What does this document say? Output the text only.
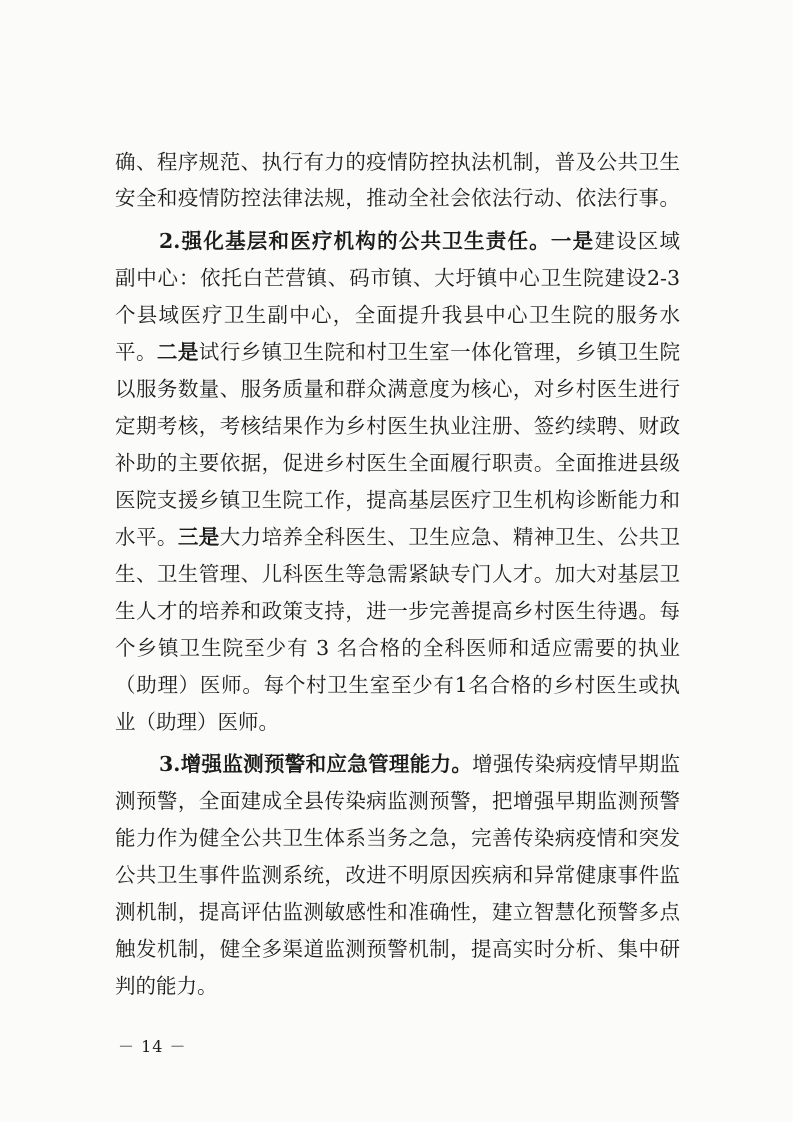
确、程序规范、执行有力的疫情防控执法机制，普及公共卫生
安全和疫情防控法律法规，推动全社会依法行动、依法行事。
2.强化基层和医疗机构的公共卫生责任。一是建设区域
副中心：依托白芒营镇、码市镇、大圩镇中心卫生院建设2-3
个县域医疗卫生副中心，全面提升我县中心卫生院的服务水
平。二是试行乡镇卫生院和村卫生室一体化管理，乡镇卫生院
以服务数量、服务质量和群众满意度为核心，对乡村医生进行
定期考核，考核结果作为乡村医生执业注册、签约续聘、财政
补助的主要依据，促进乡村医生全面履行职责。全面推进县级
医院支援乡镇卫生院工作，提高基层医疗卫生机构诊断能力和
水平。三是大力培养全科医生、卫生应急、精神卫生、公共卫
生、卫生管理、儿科医生等急需紧缺专门人才。加大对基层卫
生人才的培养和政策支持，进一步完善提高乡村医生待遇。每
个乡镇卫生院至少有 3 名合格的全科医师和适应需要的执业
（助理）医师。每个村卫生室至少有1名合格的乡村医生或执
业（助理）医师。
3.增强监测预警和应急管理能力。增强传染病疫情早期监
测预警，全面建成全县传染病监测预警，把增强早期监测预警
能力作为健全公共卫生体系当务之急，完善传染病疫情和突发
公共卫生事件监测系统，改进不明原因疾病和异常健康事件监
测机制，提高评估监测敏感性和准确性，建立智慧化预警多点
触发机制，健全多渠道监测预警机制，提高实时分析、集中研
判的能力。
－ 14 －
